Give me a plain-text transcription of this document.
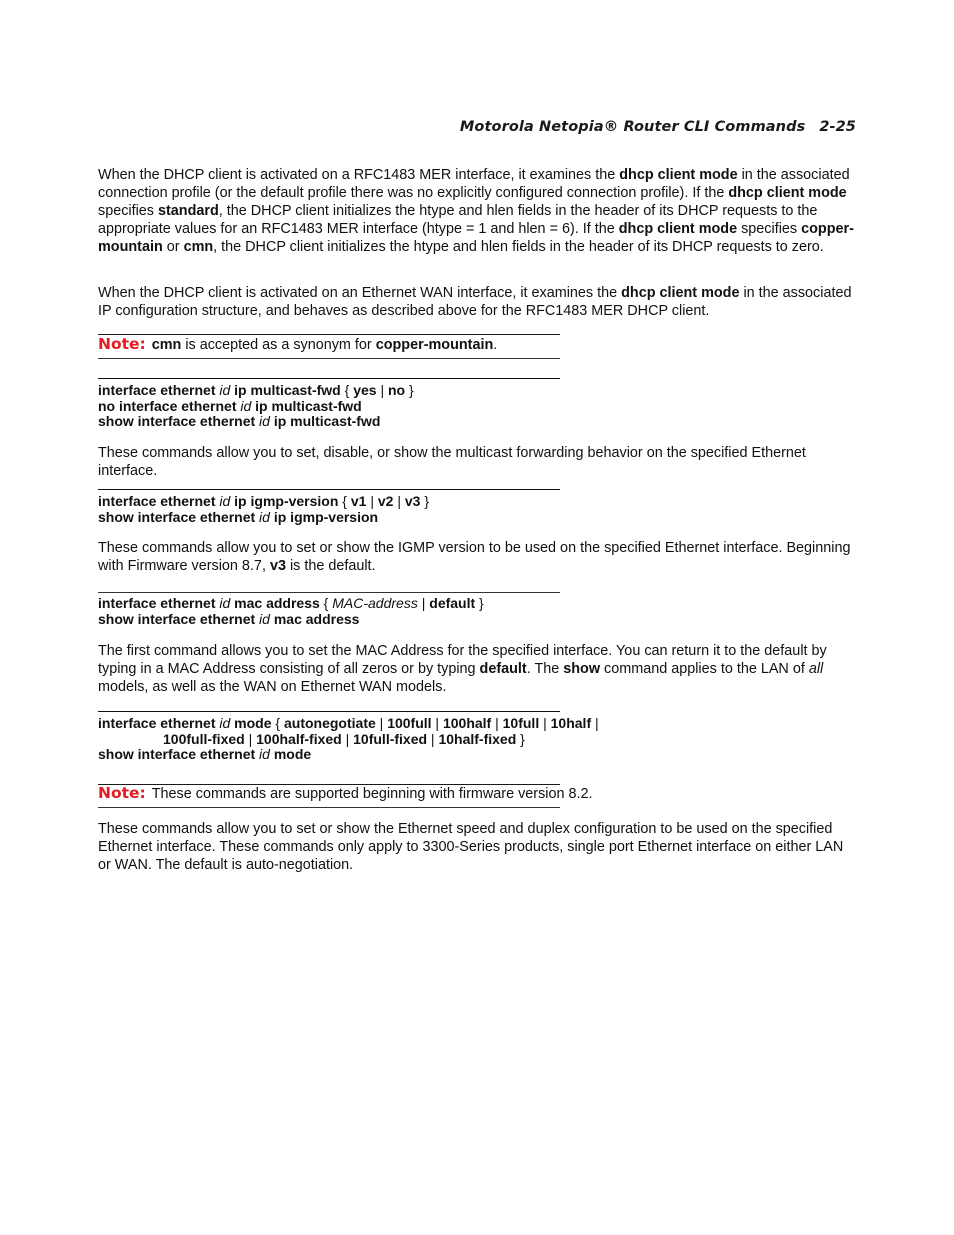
Motorola Netopia® Router CLI Commands 2-25

When the DHCP client is activated on a RFC1483 MER interface, it examines the dhcp client mode in the associated connection profile (or the default profile there was no explicitly configured connection profile). If the dhcp client mode specifies standard, the DHCP client initializes the htype and hlen fields in the header of its DHCP requests to the appropriate values for an RFC1483 MER interface (htype = 1 and hlen = 6). If the dhcp client mode specifies copper-mountain or cmn, the DHCP client initializes the htype and hlen fields in the header of its DHCP requests to zero.

When the DHCP client is activated on an Ethernet WAN interface, it examines the dhcp client mode in the associated IP configuration structure, and behaves as described above for the RFC1483 MER DHCP client.

Note: cmn is accepted as a synonym for copper-mountain.
interface ethernet id ip multicast-fwd { yes | no }
no interface ethernet id ip multicast-fwd
show interface ethernet id ip multicast-fwd

These commands allow you to set, disable, or show the multicast forwarding behavior on the specified Ethernet interface.

interface ethernet id ip igmp-version { v1 | v2 | v3 }
show interface ethernet id ip igmp-version

These commands allow you to set or show the IGMP version to be used on the specified Ethernet interface. Beginning with Firmware version 8.7, v3 is the default.

interface ethernet id mac address { MAC-address | default }
show interface ethernet id mac address

The first command allows you to set the MAC Address for the specified interface. You can return it to the default by typing in a MAC Address consisting of all zeros or by typing default. The show command applies to the LAN of all models, as well as the WAN on Ethernet WAN models.

interface ethernet id mode { autonegotiate | 100full | 100half | 10full | 10half |
100full-fixed | 100half-fixed | 10full-fixed | 10half-fixed }
show interface ethernet id mode
Note: These commands are supported beginning with firmware version 8.2.

These commands allow you to set or show the Ethernet speed and duplex configuration to be used on the specified Ethernet interface. These commands only apply to 3300-Series products, single port Ethernet interface on either LAN or WAN. The default is auto-negotiation.
